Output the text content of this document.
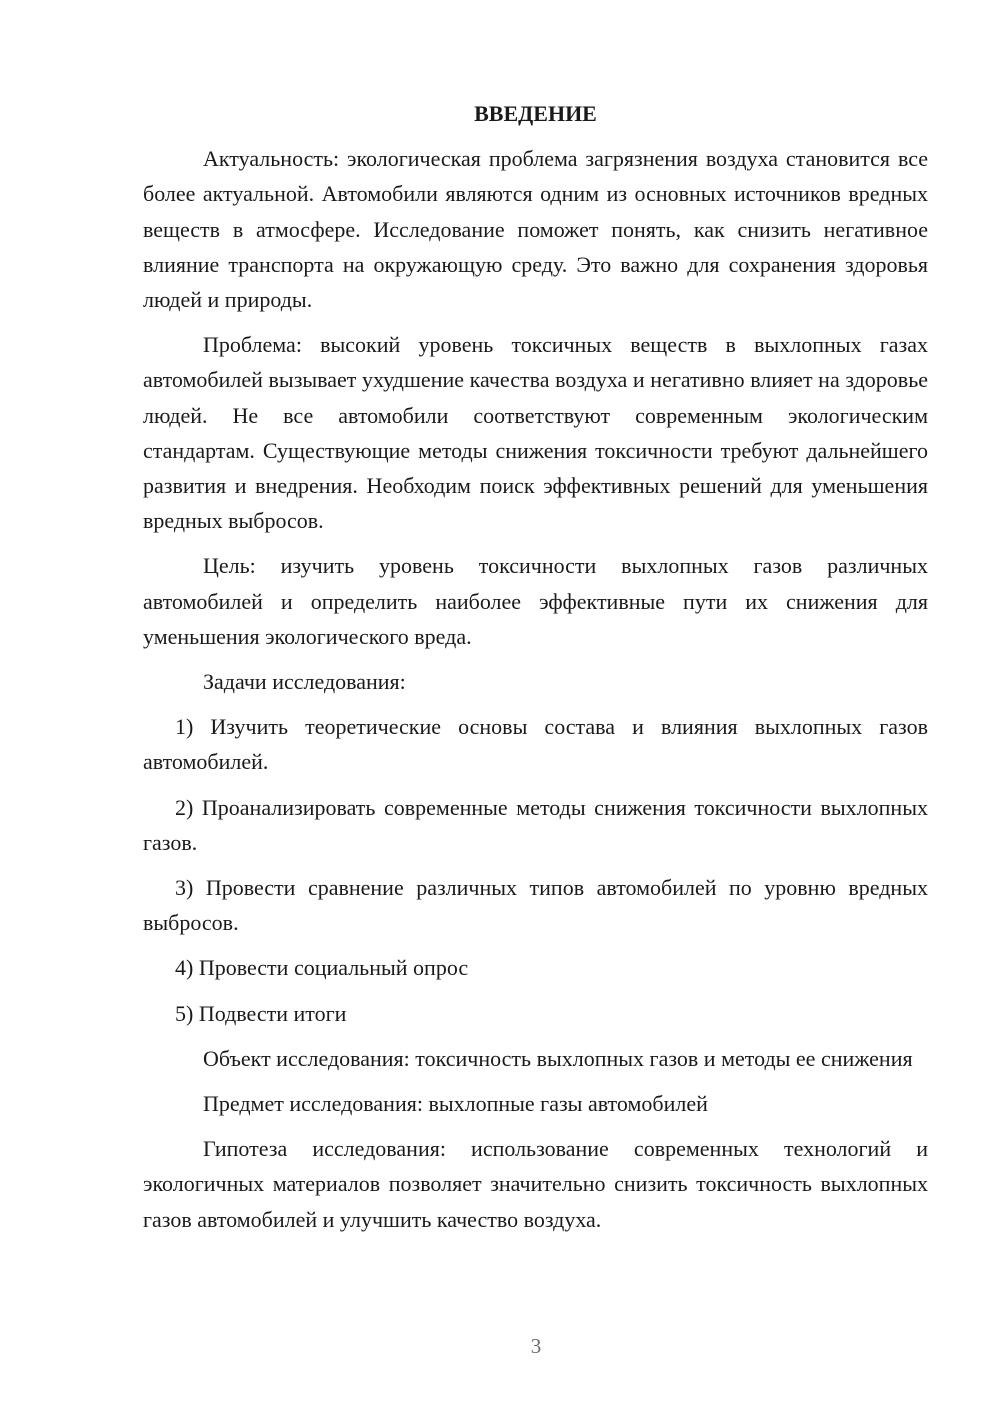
ВВЕДЕНИЕ

Актуальность: экологическая проблема загрязнения воздуха становится все более актуальной. Автомобили являются одним из основных источников вредных веществ в атмосфере. Исследование поможет понять, как снизить негативное влияние транспорта на окружающую среду. Это важно для сохранения здоровья людей и природы.

Проблема: высокий уровень токсичных веществ в выхлопных газах автомобилей вызывает ухудшение качества воздуха и негативно влияет на здоровье людей. Не все автомобили соответствуют современным экологическим стандартам. Существующие методы снижения токсичности требуют дальнейшего развития и внедрения. Необходим поиск эффективных решений для уменьшения вредных выбросов.

Цель: изучить уровень токсичности выхлопных газов различных автомобилей и определить наиболее эффективные пути их снижения для уменьшения экологического вреда.

Задачи исследования:

1) Изучить теоретические основы состава и влияния выхлопных газов автомобилей.

2) Проанализировать современные методы снижения токсичности выхлопных газов.

3) Провести сравнение различных типов автомобилей по уровню вредных выбросов.

4) Провести социальный опрос

5) Подвести итоги

Объект исследования: токсичность выхлопных газов и методы ее снижения

Предмет исследования: выхлопные газы автомобилей

Гипотеза исследования: использование современных технологий и экологичных материалов позволяет значительно снизить токсичность выхлопных газов автомобилей и улучшить качество воздуха.

3
